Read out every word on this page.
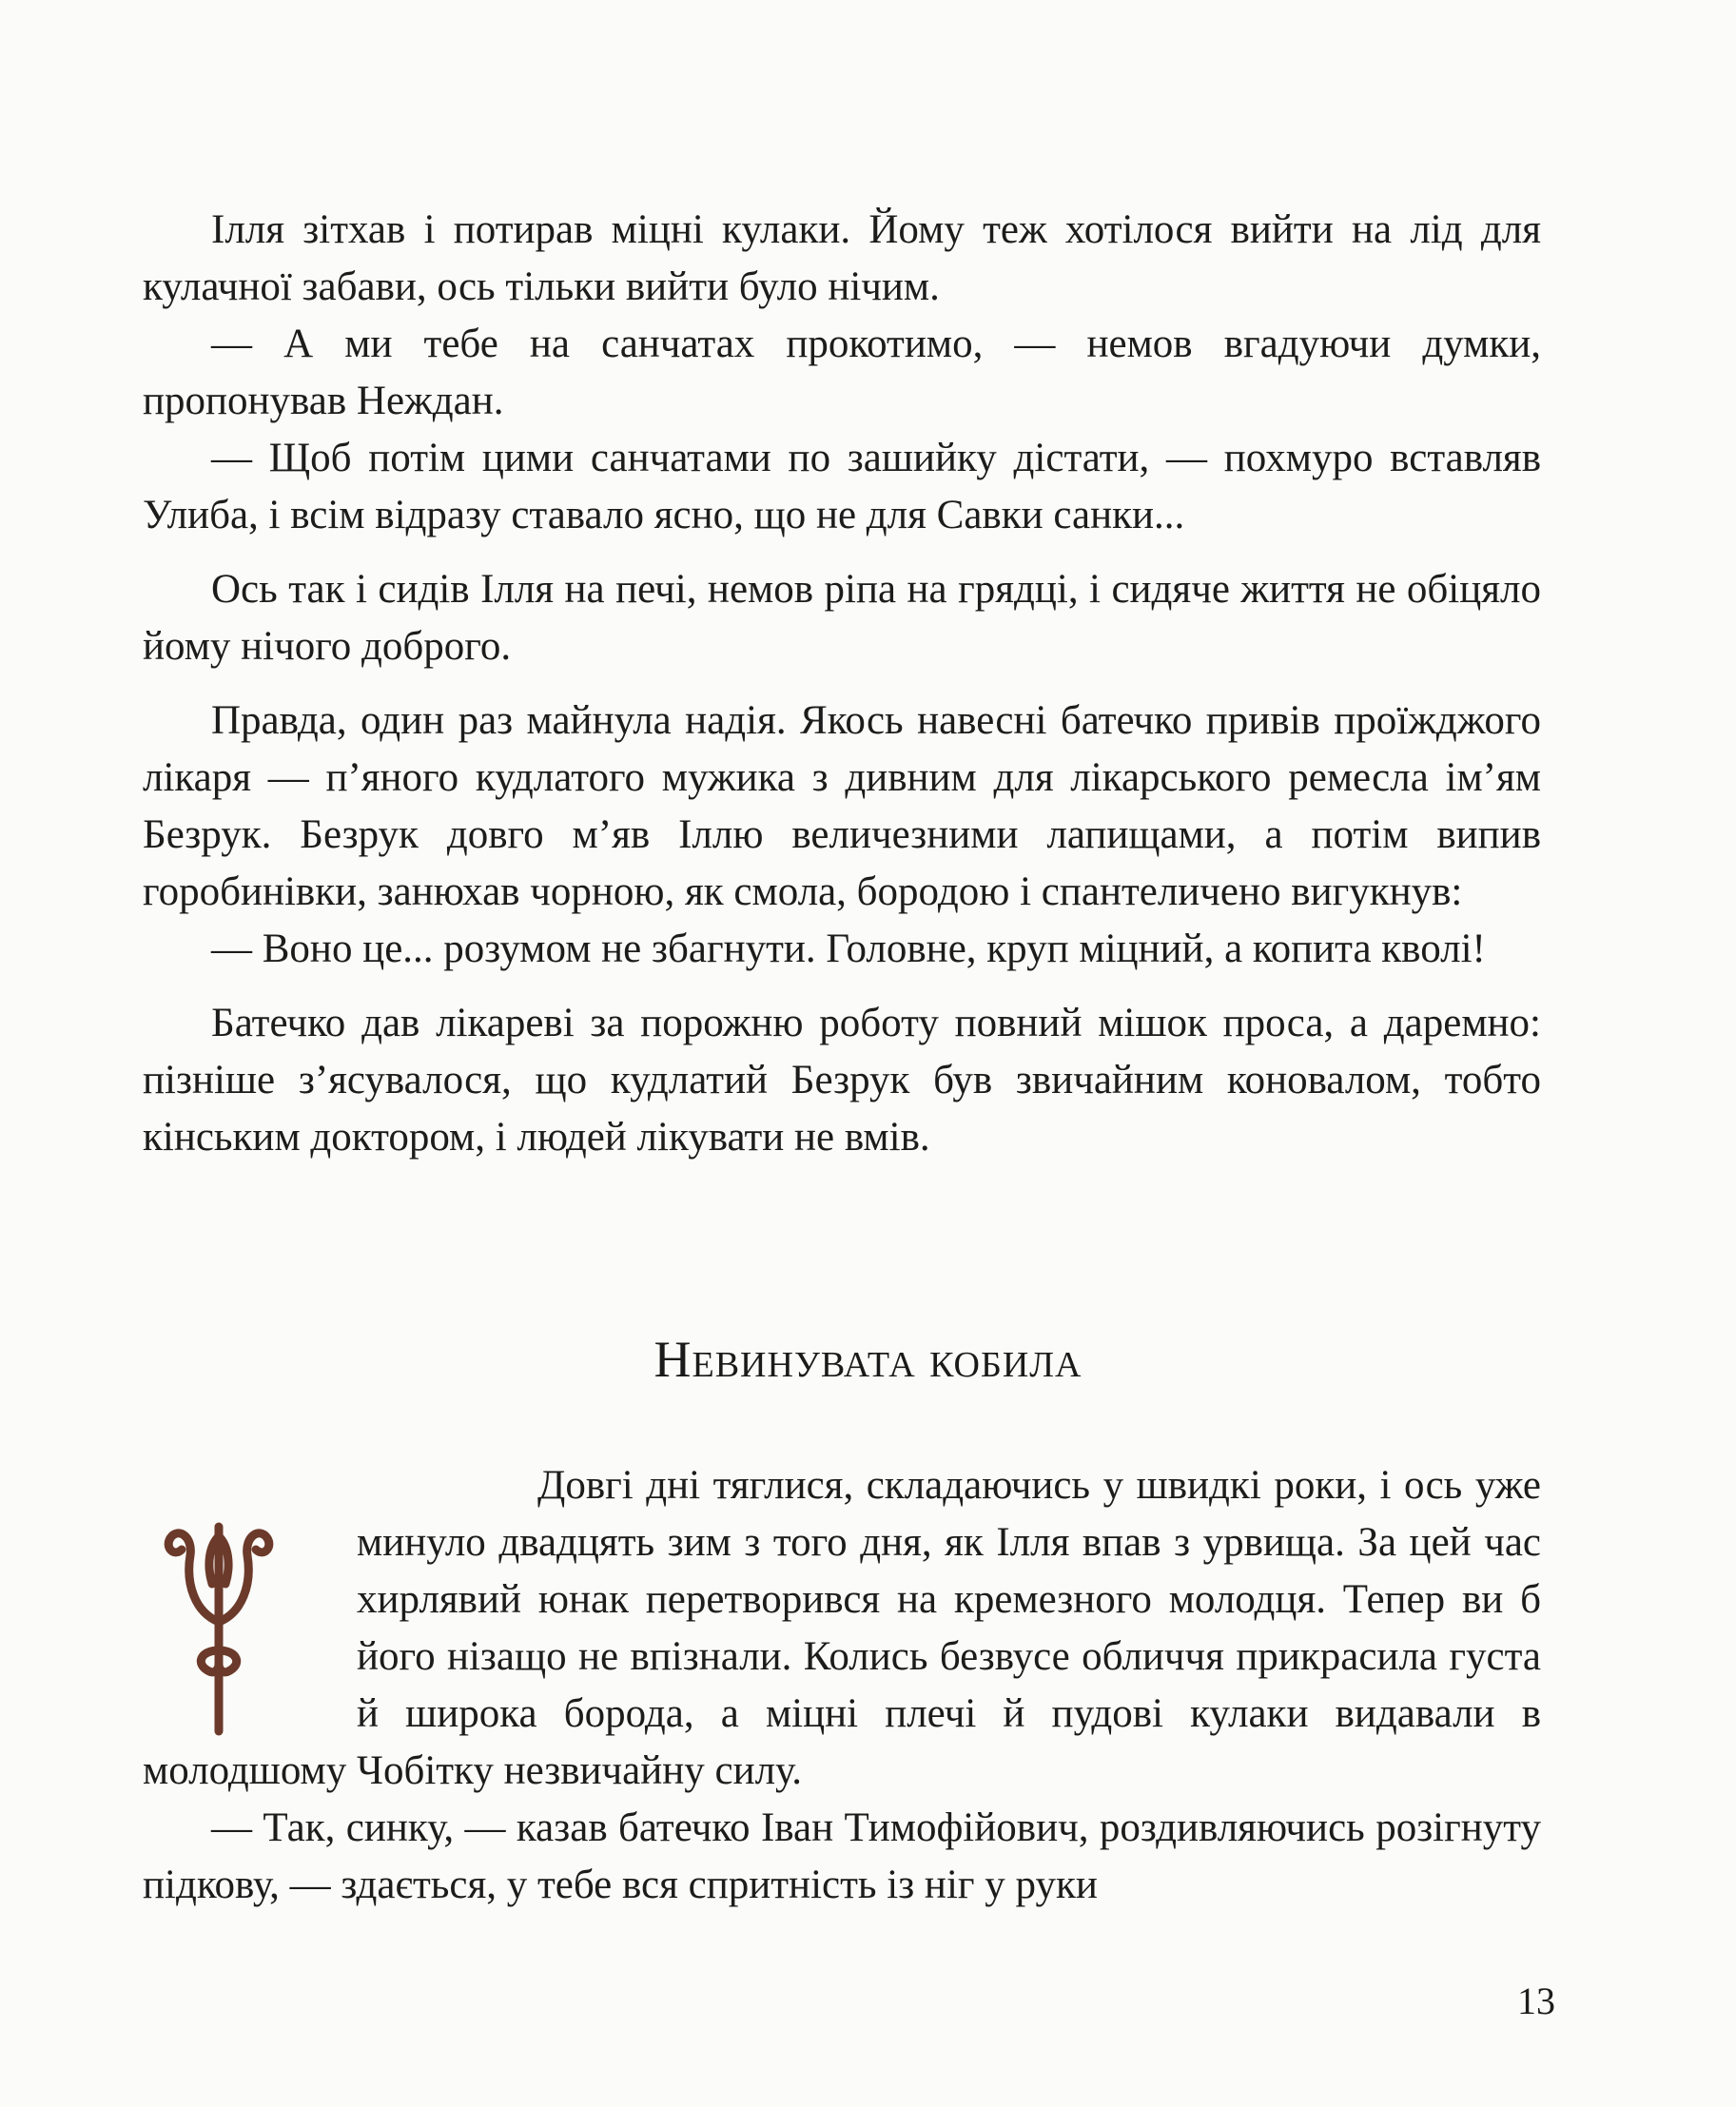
Ілля зітхав і потирав міцні кулаки. Йому теж хотілося вийти на лід для кулачної забави, ось тільки вийти було нічим.

— А ми тебе на санчатах прокотимо, — немов вгадуючи думки, пропонував Неждан.

— Щоб потім цими санчатами по зашийку дістати, — похмуро вставляв Улиба, і всім відразу ставало ясно, що не для Савки санки...

Ось так і сидів Ілля на печі, немов ріпа на грядці, і сидяче життя не обіцяло йому нічого доброго.

Правда, один раз майнула надія. Якось навесні батечко привів проїжджого лікаря — п’яного кудлатого мужика з дивним для лікарського ремесла ім’ям Безрук. Безрук довго м’яв Іллю величезними лапищами, а потім випив горобинівки, занюхав чорною, як смола, бородою і спантеличено вигукнув:

— Воно це... розумом не збагнути. Головне, круп міцний, а копита кволі!

Батечко дав лікареві за порожню роботу повний мішок проса, а даремно: пізніше з’ясувалося, що кудлатий Безрук був звичайним коновалом, тобто кінським доктором, і людей лікувати не вмів.

Невинувата кобила

Довгі дні тяглися, складаючись у швидкі роки, і ось уже минуло двадцять зим з того дня, як Ілля впав з урвища. За цей час хирлявий юнак перетворився на кремезного молодця. Тепер ви б його нізащо не впізнали. Колись безвусе обличчя прикрасила густа й широка борода, а міцні плечі й пудові кулаки видавали в молодшому Чобітку незвичайну силу.

— Так, синку, — казав батечко Іван Тимофійович, роздивляючись розігнуту підкову, — здається, у тебе вся спритність із ніг у руки

13
